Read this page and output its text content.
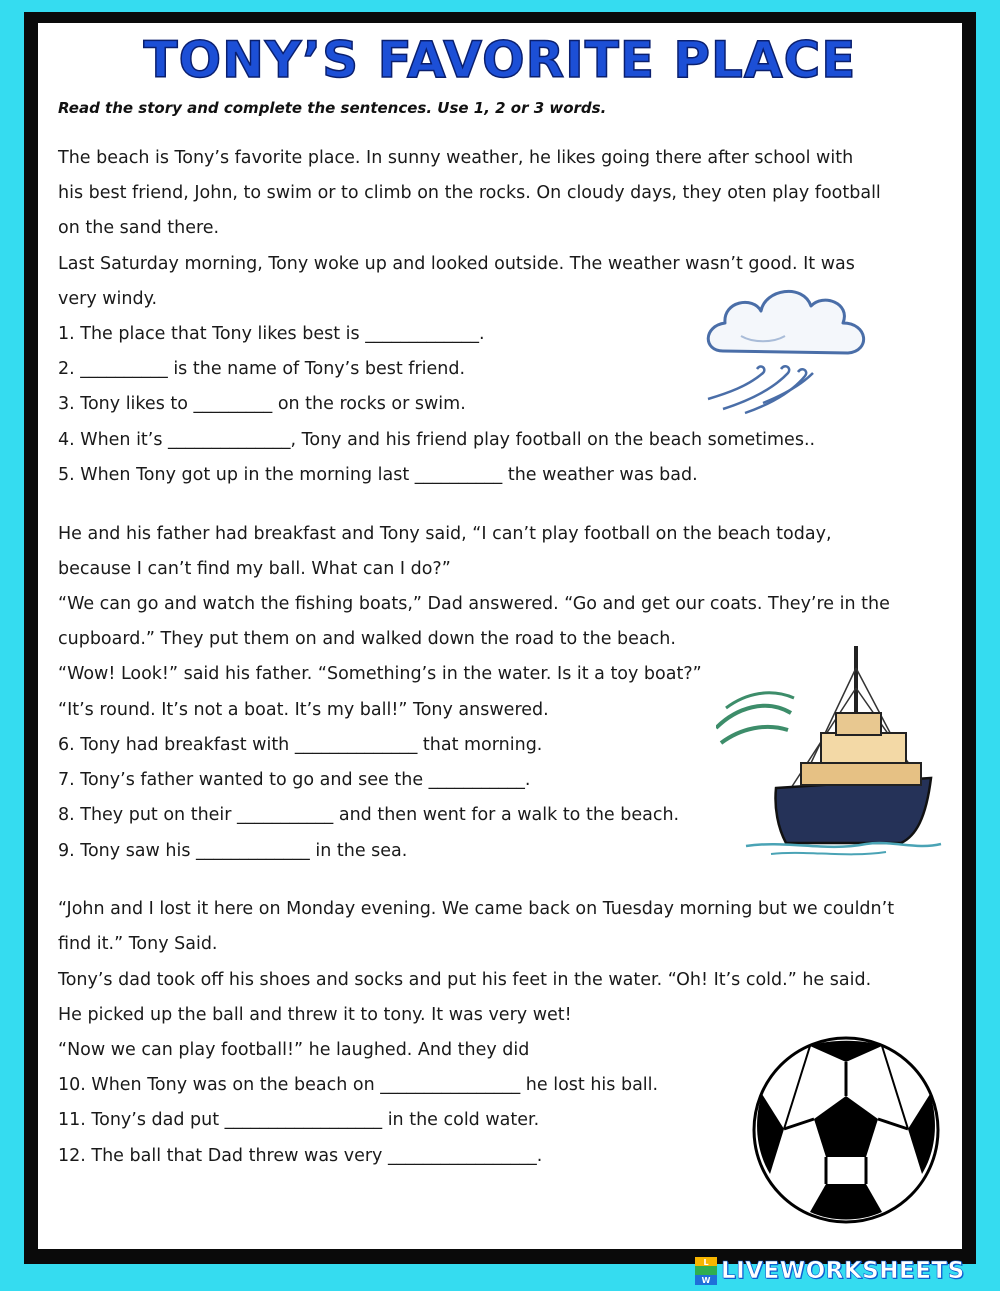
TONY’S FAVORITE PLACE
Read the story and complete the sentences. Use 1, 2 or 3 words.
The beach is Tony’s favorite place. In sunny weather, he likes going there after school with
his best friend, John, to swim or to climb on the rocks. On cloudy days, they oten play football
on the sand there.
Last Saturday morning, Tony woke up and looked outside. The weather wasn’t good. It was
very windy.
1. The place that Tony likes best is _____________.
2. __________ is the name of Tony’s best friend.
3. Tony likes to _________ on the rocks or swim.
4. When it’s ______________, Tony and his friend play football on the beach sometimes..
5. When Tony got up in the morning last __________ the weather was bad.
He and his father had breakfast and Tony said, “I can’t play football on the beach today,
because I can’t find my ball. What can I do?”
“We can go and watch the fishing boats,” Dad answered. “Go and get our coats. They’re in the
cupboard.” They put them on and walked down the road to the beach.
“Wow! Look!” said his father. “Something’s in the water. Is it a toy boat?”
“It’s round. It’s not a boat. It’s my ball!” Tony answered.
6. Tony had breakfast with ______________ that morning.
7. Tony’s father wanted to go and see the ___________.
8. They put on their ___________ and then went for a walk to the beach.
9. Tony saw his _____________ in the sea.
“John and I lost it here on Monday evening. We came back on Tuesday morning but we couldn’t
find it.” Tony Said.
Tony’s dad took off his shoes and socks and put his feet in the water. “Oh! It’s cold.” he said.
He picked up the ball and threw it to tony. It was very wet!
“Now we can play football!” he laughed. And they did
10. When Tony was on the beach on ________________ he lost his ball.
11. Tony’s dad put __________________ in the cold water.
12. The ball that Dad threw was very _________________.
L
W LIVEWORKSHEETS
